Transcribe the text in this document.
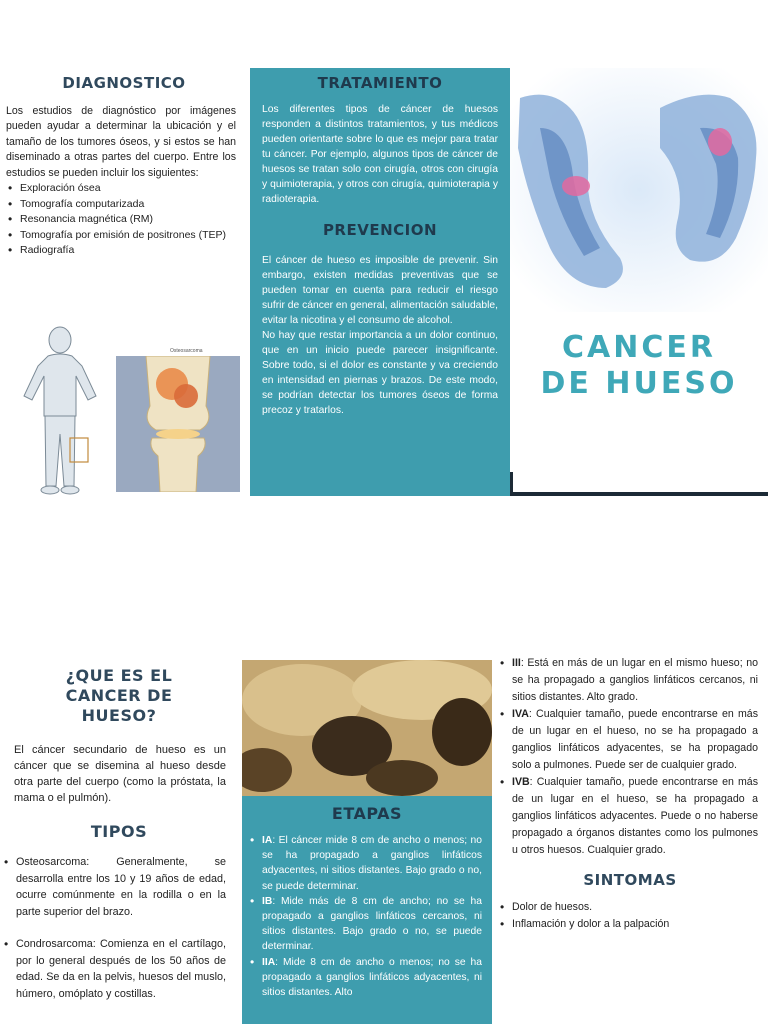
DIAGNOSTICO

Los estudios de diagnóstico por imágenes pueden ayudar a determinar la ubicación y el tamaño de los tumores óseos, y si estos se han diseminado a otras partes del cuerpo. Entre los estudios se pueden incluir los siguientes:

• Exploración ósea
• Tomografía computarizada
• Resonancia magnética (RM)
• Tomografía por emisión de positrones (TEP)
• Radiografía
Osteosarcoma
TRATAMIENTO

Los diferentes tipos de cáncer de huesos responden a distintos tratamientos, y tus médicos pueden orientarte sobre lo que es mejor para tratar tu cáncer. Por ejemplo, algunos tipos de cáncer de huesos se tratan solo con cirugía, otros con cirugía y quimioterapia, y otros con cirugía, quimioterapia y radioterapia.

PREVENCION

El cáncer de hueso es imposible de prevenir. Sin embargo, existen medidas preventivas que se pueden tomar en cuenta para reducir el riesgo sufrir de cáncer en general, alimentación saludable, evitar la nicotina y el consumo de alcohol.

No hay que restar importancia a un dolor continuo, que en un inicio puede parecer insignificante. Sobre todo, si el dolor es constante y va creciendo en intensidad en piernas y brazos. De este modo, se podrían detectar los tumores óseos de forma precoz y tratarlos.

CANCER
DE HUESO
¿QUE ES EL CANCER DE HUESO?

El cáncer secundario de hueso es un cáncer que se disemina al hueso desde otra parte del cuerpo (como la próstata, la mama o el pulmón).

TIPOS
• Osteosarcoma: Generalmente, se desarrolla entre los 10 y 19 años de edad, ocurre comúnmente en la rodilla o en la parte superior del brazo.
• Condrosarcoma: Comienza en el cartílago, por lo general después de los 50 años de edad. Se da en la pelvis, huesos del muslo, húmero, omóplato y costillas.
ETAPAS
• IA: El cáncer mide 8 cm de ancho o menos; no se ha propagado a ganglios linfáticos adyacentes, ni sitios distantes. Bajo grado o no, se puede determinar.
• IB: Mide más de 8 cm de ancho; no se ha propagado a ganglios linfáticos cercanos, ni sitios distantes. Bajo grado o no, se puede determinar.
• IIA: Mide 8 cm de ancho o menos; no se ha propagado a ganglios linfáticos adyacentes, ni sitios distantes. Alto
• III: Está en más de un lugar en el mismo hueso; no se ha propagado a ganglios linfáticos cercanos, ni sitios distantes. Alto grado.
• IVA: Cualquier tamaño, puede encontrarse en más de un lugar en el hueso, no se ha propagado a ganglios linfáticos adyacentes, se ha propagado solo a pulmones. Puede ser de cualquier grado.
• IVB: Cualquier tamaño, puede encontrarse en más de un lugar en el hueso, se ha propagado a ganglios linfáticos adyacentes. Puede o no haberse propagado a órganos distantes como los pulmones u otros huesos. Cualquier grado.
SINTOMAS
• Dolor de huesos.
• Inflamación y dolor a la palpación
